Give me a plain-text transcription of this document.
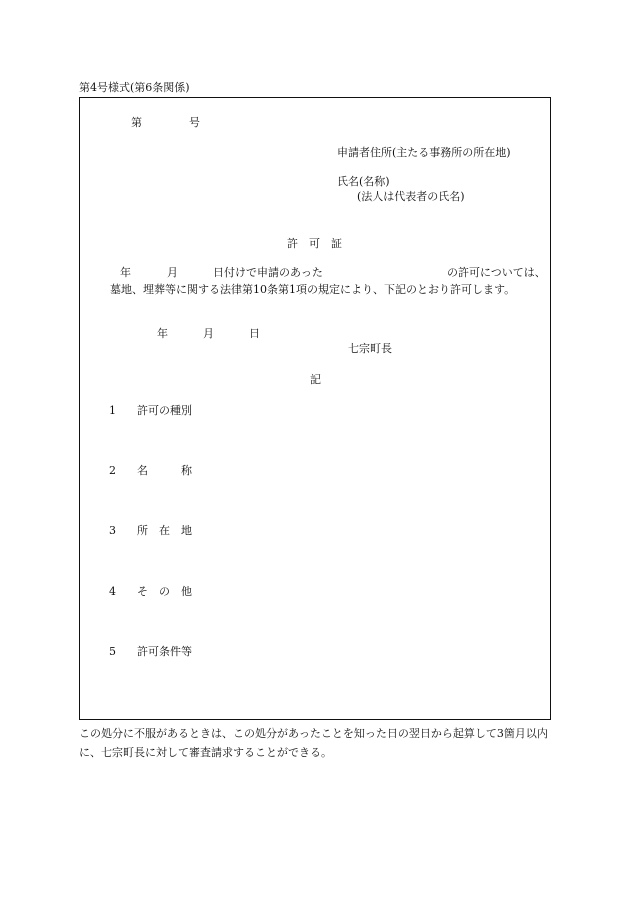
第4号様式(第6条関係)
第	号
申請者住所(主たる事務所の所在地)
氏名(名称)
(法人は代表者の氏名)
許　可　証
年	月	日付けで申請のあった	の許可については、
墓地、埋葬等に関する法律第10条第1項の規定により、下記のとおり許可します。
年	月	日
七宗町長
記
1 許可の種別
2 名　　　称
3 所　在　地
4 そ　の　他
5 許可条件等
この処分に不服があるときは、この処分があったことを知った日の翌日から起算して3箇月以内に、七宗町長に対して審査請求することができる。
